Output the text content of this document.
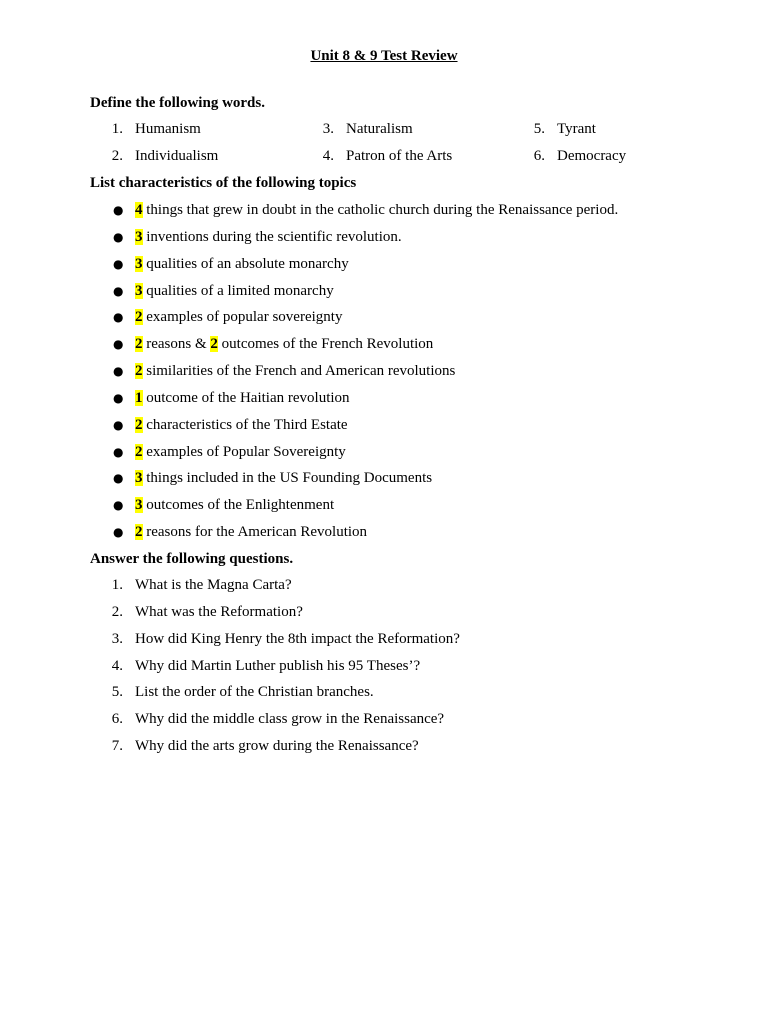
Unit 8 & 9 Test Review
Define the following words.
1. Humanism
2. Individualism
3. Naturalism
4. Patron of the Arts
5. Tyrant
6. Democracy
List characteristics of the following topics
● 4 things that grew in doubt in the catholic church during the Renaissance period.
● 3 inventions during the scientific revolution.
● 3 qualities of an absolute monarchy
● 3 qualities of a limited monarchy
● 2 examples of popular sovereignty
● 2 reasons & 2 outcomes of the French Revolution
● 2 similarities of the French and American revolutions
● 1 outcome of the Haitian revolution
● 2 characteristics of the Third Estate
● 2 examples of Popular Sovereignty
● 3 things included in the US Founding Documents
● 3 outcomes of the Enlightenment
● 2 reasons for the American Revolution
Answer the following questions.
1. What is the Magna Carta?
2. What was the Reformation?
3. How did King Henry the 8th impact the Reformation?
4. Why did Martin Luther publish his 95 Theses’?
5. List the order of the Christian branches.
6. Why did the middle class grow in the Renaissance?
7. Why did the arts grow during the Renaissance?
